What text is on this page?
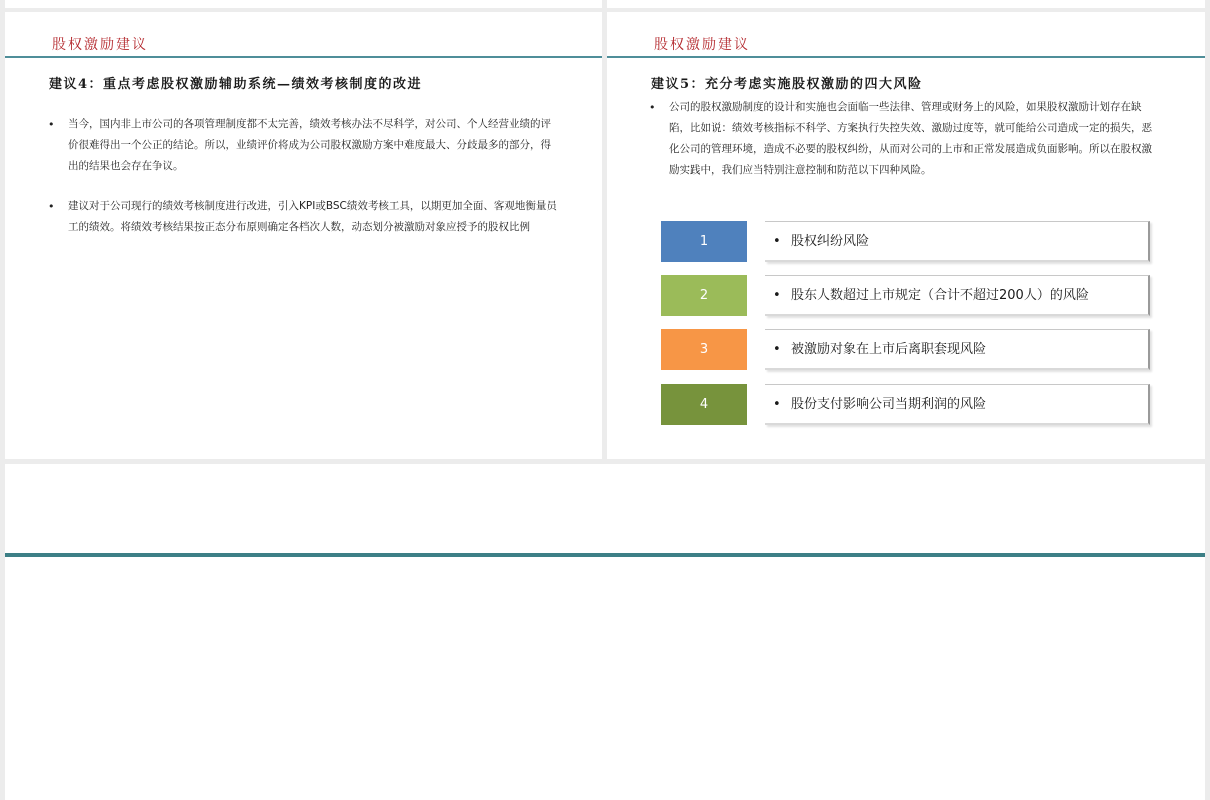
股权激励建议
建议4：重点考虑股权激励辅助系统—绩效考核制度的改进
• 当今，国内非上市公司的各项管理制度都不太完善，绩效考核办法不尽科学，对公司、个人经营业绩的评价很难得出一个公正的结论。所以，业绩评价将成为公司股权激励方案中难度最大、分歧最多的部分，得出的结果也会存在争议。
• 建议对于公司现行的绩效考核制度进行改进，引入KPI或BSC绩效考核工具，以期更加全面、客观地衡量员工的绩效。将绩效考核结果按正态分布原则确定各档次人数，动态划分被激励对象应授予的股权比例
股权激励建议
建议5：充分考虑实施股权激励的四大风险
• 公司的股权激励制度的设计和实施也会面临一些法律、管理或财务上的风险，如果股权激励计划存在缺陷，比如说：绩效考核指标不科学、方案执行失控失效、激励过度等，就可能给公司造成一定的损失，恶化公司的管理环境，造成不必要的股权纠纷，从而对公司的上市和正常发展造成负面影响。所以在股权激励实践中，我们应当特别注意控制和防范以下四种风险。
1	• 股权纠纷风险
2	• 股东人数超过上市规定（合计不超过200人）的风险
3	• 被激励对象在上市后离职套现风险
4	• 股份支付影响公司当期利润的风险
